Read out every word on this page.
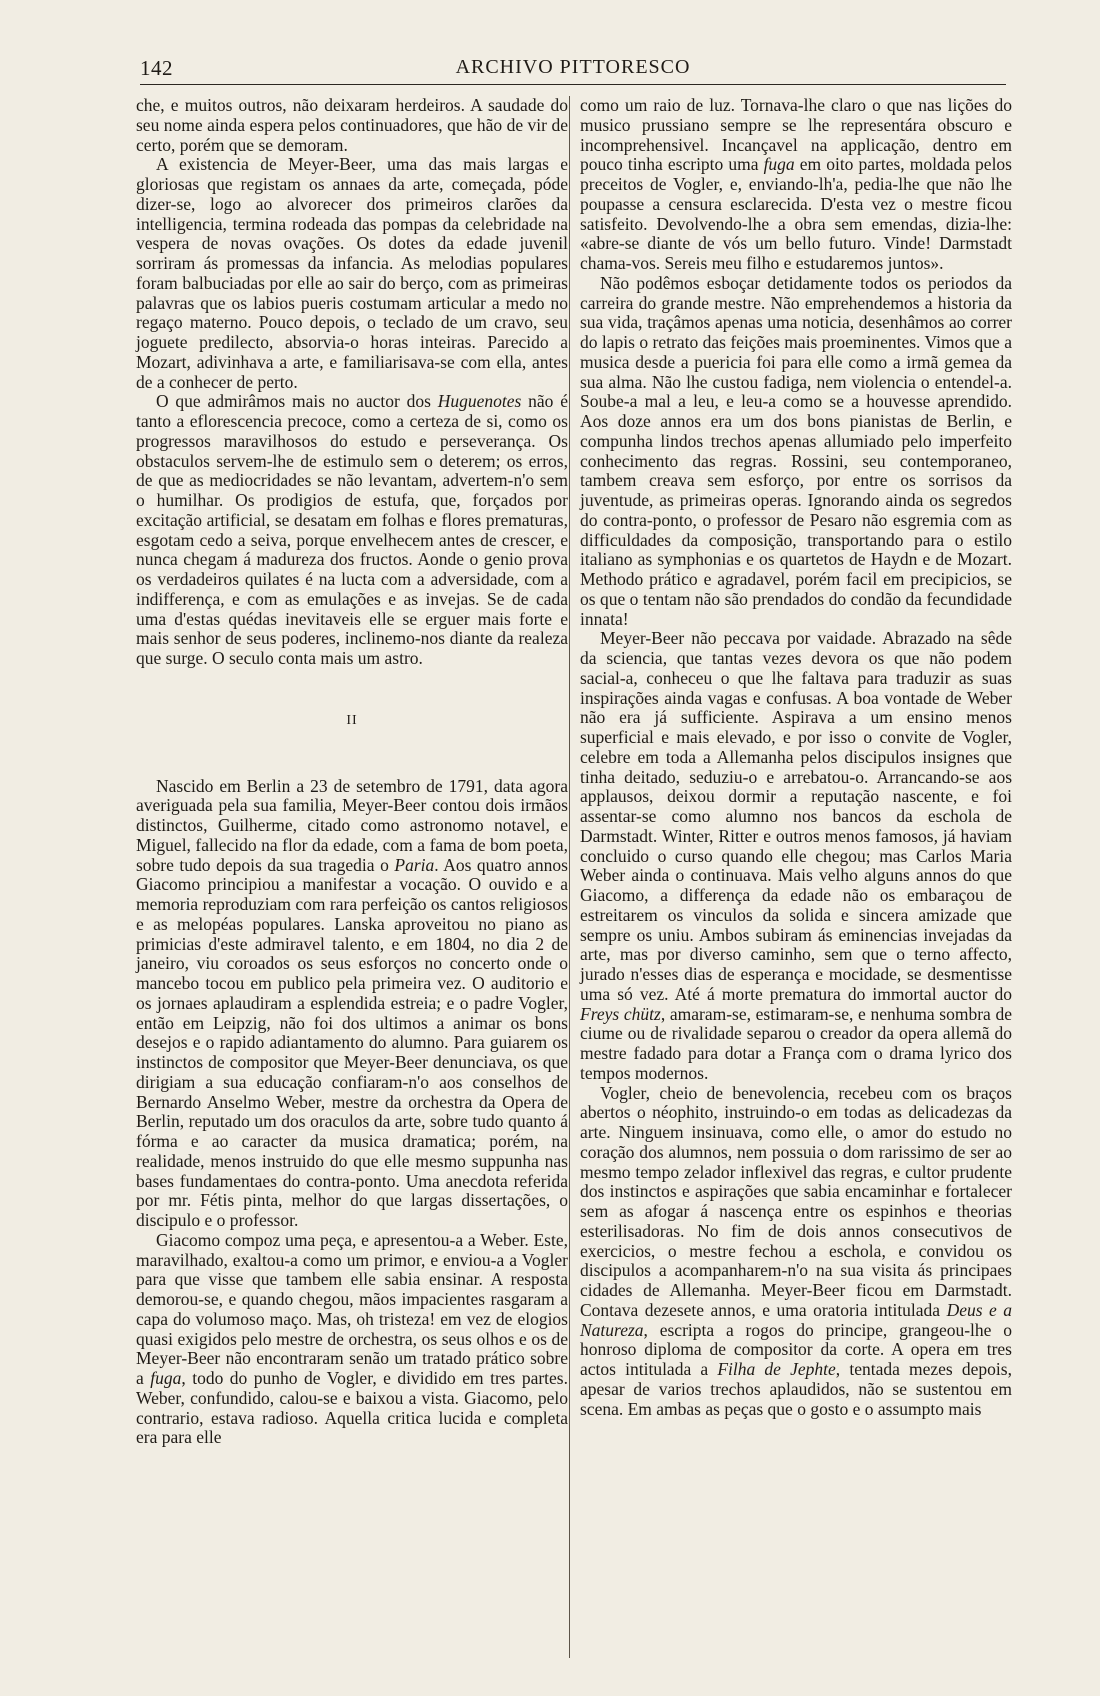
142	ARCHIVO PITTORESCO

che, e muitos outros, não deixaram herdeiros. A saudade do seu nome ainda espera pelos continuadores, que hão de vir de certo, porém que se demoram.

A existencia de Meyer-Beer, uma das mais largas e gloriosas que registam os annaes da arte, começada, póde dizer-se, logo ao alvorecer dos primeiros clarões da intelligencia, termina rodeada das pompas da celebridade na vespera de novas ovações. Os dotes da edade juvenil sorriram ás promessas da infancia. As melodias populares foram balbuciadas por elle ao sair do berço, com as primeiras palavras que os labios pueris costumam articular a medo no regaço materno. Pouco depois, o teclado de um cravo, seu joguete predilecto, absorvia-o horas inteiras. Parecido a Mozart, adivinhava a arte, e familiarisava-se com ella, antes de a conhecer de perto.

O que admirâmos mais no auctor dos Huguenotes não é tanto a eflorescencia precoce, como a certeza de si, como os progressos maravilhosos do estudo e perseverança. Os obstaculos servem-lhe de estimulo sem o deterem; os erros, de que as mediocridades se não levantam, advertem-n'o sem o humilhar. Os prodigios de estufa, que, forçados por excitação artificial, se desatam em folhas e flores prematuras, esgotam cedo a seiva, porque envelhecem antes de crescer, e nunca chegam á madureza dos fructos. Aonde o genio prova os verdadeiros quilates é na lucta com a adversidade, com a indifferença, e com as emulações e as invejas. Se de cada uma d'estas quédas inevitaveis elle se erguer mais forte e mais senhor de seus poderes, inclinemo-nos diante da realeza que surge. O seculo conta mais um astro.

II

Nascido em Berlin a 23 de setembro de 1791, data agora averiguada pela sua familia, Meyer-Beer contou dois irmãos distinctos, Guilherme, citado como astronomo notavel, e Miguel, fallecido na flor da edade, com a fama de bom poeta, sobre tudo depois da sua tragedia o Paria. Aos quatro annos Giacomo principiou a manifestar a vocação. O ouvido e a memoria reproduziam com rara perfeição os cantos religiosos e as melopéas populares. Lanska aproveitou no piano as primicias d'este admiravel talento, e em 1804, no dia 2 de janeiro, viu coroados os seus esforços no concerto onde o mancebo tocou em publico pela primeira vez. O auditorio e os jornaes aplaudiram a esplendida estreia; e o padre Vogler, então em Leipzig, não foi dos ultimos a animar os bons desejos e o rapido adiantamento do alumno. Para guiarem os instinctos de compositor que Meyer-Beer denunciava, os que dirigiam a sua educação confiaram-n'o aos conselhos de Bernardo Anselmo Weber, mestre da orchestra da Opera de Berlin, reputado um dos oraculos da arte, sobre tudo quanto á fórma e ao caracter da musica dramatica; porém, na realidade, menos instruido do que elle mesmo suppunha nas bases fundamentaes do contra-ponto. Uma anecdota referida por mr. Fétis pinta, melhor do que largas dissertações, o discipulo e o professor.

Giacomo compoz uma peça, e apresentou-a a Weber. Este, maravilhado, exaltou-a como um primor, e enviou-a a Vogler para que visse que tambem elle sabia ensinar. A resposta demorou-se, e quando chegou, mãos impacientes rasgaram a capa do volumoso maço. Mas, oh tristeza! em vez de elogios quasi exigidos pelo mestre de orchestra, os seus olhos e os de Meyer-Beer não encontraram senão um tratado prático sobre a fuga, todo do punho de Vogler, e dividido em tres partes. Weber, confundido, calou-se e baixou a vista. Giacomo, pelo contrario, estava radioso. Aquella critica lucida e completa era para elle

como um raio de luz. Tornava-lhe claro o que nas lições do musico prussiano sempre se lhe representára obscuro e incomprehensivel. Incançavel na applicação, dentro em pouco tinha escripto uma fuga em oito partes, moldada pelos preceitos de Vogler, e, enviando-lh'a, pedia-lhe que não lhe poupasse a censura esclarecida. D'esta vez o mestre ficou satisfeito. Devolvendo-lhe a obra sem emendas, dizia-lhe: «abre-se diante de vós um bello futuro. Vinde! Darmstadt chama-vos. Sereis meu filho e estudaremos juntos».

Não podêmos esboçar detidamente todos os periodos da carreira do grande mestre. Não emprehendemos a historia da sua vida, traçâmos apenas uma noticia, desenhâmos ao correr do lapis o retrato das feições mais proeminentes. Vimos que a musica desde a puericia foi para elle como a irmã gemea da sua alma. Não lhe custou fadiga, nem violencia o entendel-a. Soube-a mal a leu, e leu-a como se a houvesse aprendido. Aos doze annos era um dos bons pianistas de Berlin, e compunha lindos trechos apenas allumiado pelo imperfeito conhecimento das regras. Rossini, seu contemporaneo, tambem creava sem esforço, por entre os sorrisos da juventude, as primeiras operas. Ignorando ainda os segredos do contra-ponto, o professor de Pesaro não esgremia com as difficuldades da composição, transportando para o estilo italiano as symphonias e os quartetos de Haydn e de Mozart. Methodo prático e agradavel, porém facil em precipicios, se os que o tentam não são prendados do condão da fecundidade innata!

Meyer-Beer não peccava por vaidade. Abrazado na sêde da sciencia, que tantas vezes devora os que não podem sacial-a, conheceu o que lhe faltava para traduzir as suas inspirações ainda vagas e confusas. A boa vontade de Weber não era já sufficiente. Aspirava a um ensino menos superficial e mais elevado, e por isso o convite de Vogler, celebre em toda a Allemanha pelos discipulos insignes que tinha deitado, seduziu-o e arrebatou-o. Arrancando-se aos applausos, deixou dormir a reputação nascente, e foi assentar-se como alumno nos bancos da eschola de Darmstadt. Winter, Ritter e outros menos famosos, já haviam concluido o curso quando elle chegou; mas Carlos Maria Weber ainda o continuava. Mais velho alguns annos do que Giacomo, a differença da edade não os embaraçou de estreitarem os vinculos da solida e sincera amizade que sempre os uniu. Ambos subiram ás eminencias invejadas da arte, mas por diverso caminho, sem que o terno affecto, jurado n'esses dias de esperança e mocidade, se desmentisse uma só vez. Até á morte prematura do immortal auctor do Freys chütz, amaram-se, estimaram-se, e nenhuma sombra de ciume ou de rivalidade separou o creador da opera allemã do mestre fadado para dotar a França com o drama lyrico dos tempos modernos.

Vogler, cheio de benevolencia, recebeu com os braços abertos o néophito, instruindo-o em todas as delicadezas da arte. Ninguem insinuava, como elle, o amor do estudo no coração dos alumnos, nem possuia o dom rarissimo de ser ao mesmo tempo zelador inflexivel das regras, e cultor prudente dos instinctos e aspirações que sabia encaminhar e fortalecer sem as afogar á nascença entre os espinhos e theorias esterilisadoras. No fim de dois annos consecutivos de exercicios, o mestre fechou a eschola, e convidou os discipulos a acompanharem-n'o na sua visita ás principaes cidades de Allemanha. Meyer-Beer ficou em Darmstadt. Contava dezesete annos, e uma oratoria intitulada Deus e a Natureza, escripta a rogos do principe, grangeou-lhe o honroso diploma de compositor da corte. A opera em tres actos intitulada a Filha de Jephte, tentada mezes depois, apesar de varios trechos aplaudidos, não se sustentou em scena. Em ambas as peças que o gosto e o assumpto mais
